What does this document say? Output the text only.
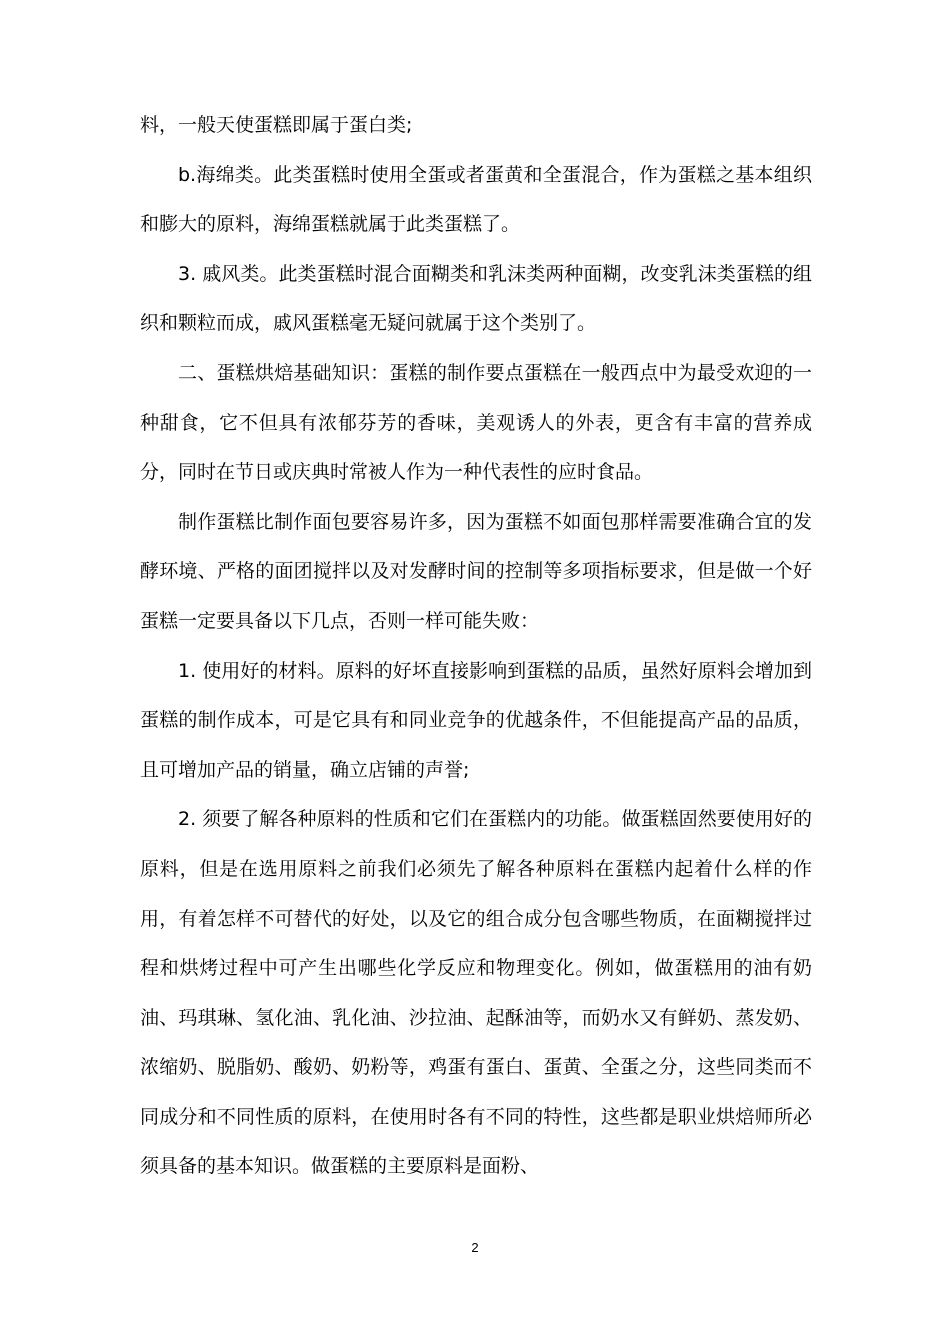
料，一般天使蛋糕即属于蛋白类;

b.海绵类。此类蛋糕时使用全蛋或者蛋黄和全蛋混合，作为蛋糕之基本组织和膨大的原料，海绵蛋糕就属于此类蛋糕了。

3. 戚风类。此类蛋糕时混合面糊类和乳沫类两种面糊，改变乳沫类蛋糕的组织和颗粒而成，戚风蛋糕毫无疑问就属于这个类别了。

二、蛋糕烘焙基础知识：蛋糕的制作要点蛋糕在一般西点中为最受欢迎的一种甜食，它不但具有浓郁芬芳的香味，美观诱人的外表，更含有丰富的营养成分，同时在节日或庆典时常被人作为一种代表性的应时食品。

制作蛋糕比制作面包要容易许多，因为蛋糕不如面包那样需要准确合宜的发酵环境、严格的面团搅拌以及对发酵时间的控制等多项指标要求，但是做一个好蛋糕一定要具备以下几点，否则一样可能失败：

1. 使用好的材料。原料的好坏直接影响到蛋糕的品质，虽然好原料会增加到蛋糕的制作成本，可是它具有和同业竞争的优越条件，不但能提高产品的品质，且可增加产品的销量，确立店铺的声誉;

2. 须要了解各种原料的性质和它们在蛋糕内的功能。做蛋糕固然要使用好的原料，但是在选用原料之前我们必须先了解各种原料在蛋糕内起着什么样的作用，有着怎样不可替代的好处，以及它的组合成分包含哪些物质，在面糊搅拌过程和烘烤过程中可产生出哪些化学反应和物理变化。例如，做蛋糕用的油有奶油、玛琪琳、氢化油、乳化油、沙拉油、起酥油等，而奶水又有鲜奶、蒸发奶、浓缩奶、脱脂奶、酸奶、奶粉等，鸡蛋有蛋白、蛋黄、全蛋之分，这些同类而不同成分和不同性质的原料，在使用时各有不同的特性，这些都是职业烘焙师所必须具备的基本知识。做蛋糕的主要原料是面粉、

2
